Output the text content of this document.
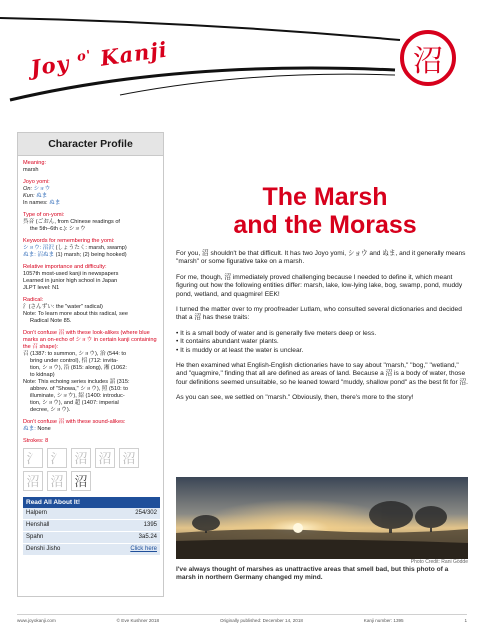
Joy $^{o'}$ Kanji	沼
Character Profile
Meaning:
marsh
Joyo yomi:
On: ショウ
Kun: ぬま
In names: ぬま
Type of on-yomi:
呉音 (ごおん, from Chinese readings of
the 5th–6th c.): ショウ
Keywords for remembering the yomi:
ショウ: 沼沢 (しょうたく: marsh, swamp)
ぬま: 沼ぬま (1) marsh; (2) being hooked)
Relative importance and difficulty:
1057th most-used kanji in newspapers
Learned in junior high school in Japan
JLPT level: N1
Radical:
氵(さんずい: the "water" radical)
Note: To learn more about this radical, see
Radical Note 85.
Don't confuse 沼 with these look-alikes (where blue marks an on-echo of ショウ in certain kanji containing the 召 shape):
召 (1387: to summon, ショウ), 治 (544: to
bring under control), 招 (712: invita-
tion, ショウ), 沿 (815: along), 湘 (1062:
to kidnap)
Note: This echoing series includes 詔 (315:
abbrev. of "Showa," ショウ), 照 (510: to
illuminate, ショウ), 紹 (1400: introduc-
tion, ショウ), and 超 (1407: imperial
decree, ショウ).
Don't confuse 沼 with these sound-alikes:
ぬま: None
Strokes: 8
氵 氵 沼 沼 沼
沼 沼 沼
Read All About It!	
Halpern	254/302
Henshall	1395
Spahn	3a5.24
Denshi Jisho	Click here
The Marsh
and the Morass

For you, 沼 shouldn't be that difficult. It has two Joyo yomi, ショウ and ぬま, and it generally means "marsh" or some figurative take on a marsh.

For me, though, 沼 immediately proved challenging because I needed to define it, which meant figuring out how the following entities differ: marsh, lake, low-lying lake, bog, swamp, pond, muddy pond, wetland, and quagmire! EEK!

I turned the matter over to my proofreader Lutlam, who consulted several dictionaries and decided that a 沼 has these traits:

• It is a small body of water and is generally five meters deep or less.
• It contains abundant water plants.
• It is muddy or at least the water is unclear.

He then examined what English-English dictionaries have to say about "marsh," "bog," "wetland," and "quagmire," finding that all are defined as areas of land. Because a 沼 is a body of water, those four definitions seemed unsuitable, so he leaned toward "muddy, shallow pond" as the best fit for 沼.

As you can see, we settled on "marsh." Obviously, then, there's more to the story!

Photo Credit: Rani Gödde
I've always thought of marshes as unattractive areas that smell bad, but this photo of a marsh in northern Germany changed my mind.
www.joyokanji.com	© Eve Kushner 2018	Originally published: December 14, 2018	Kanji number: 1395	1
